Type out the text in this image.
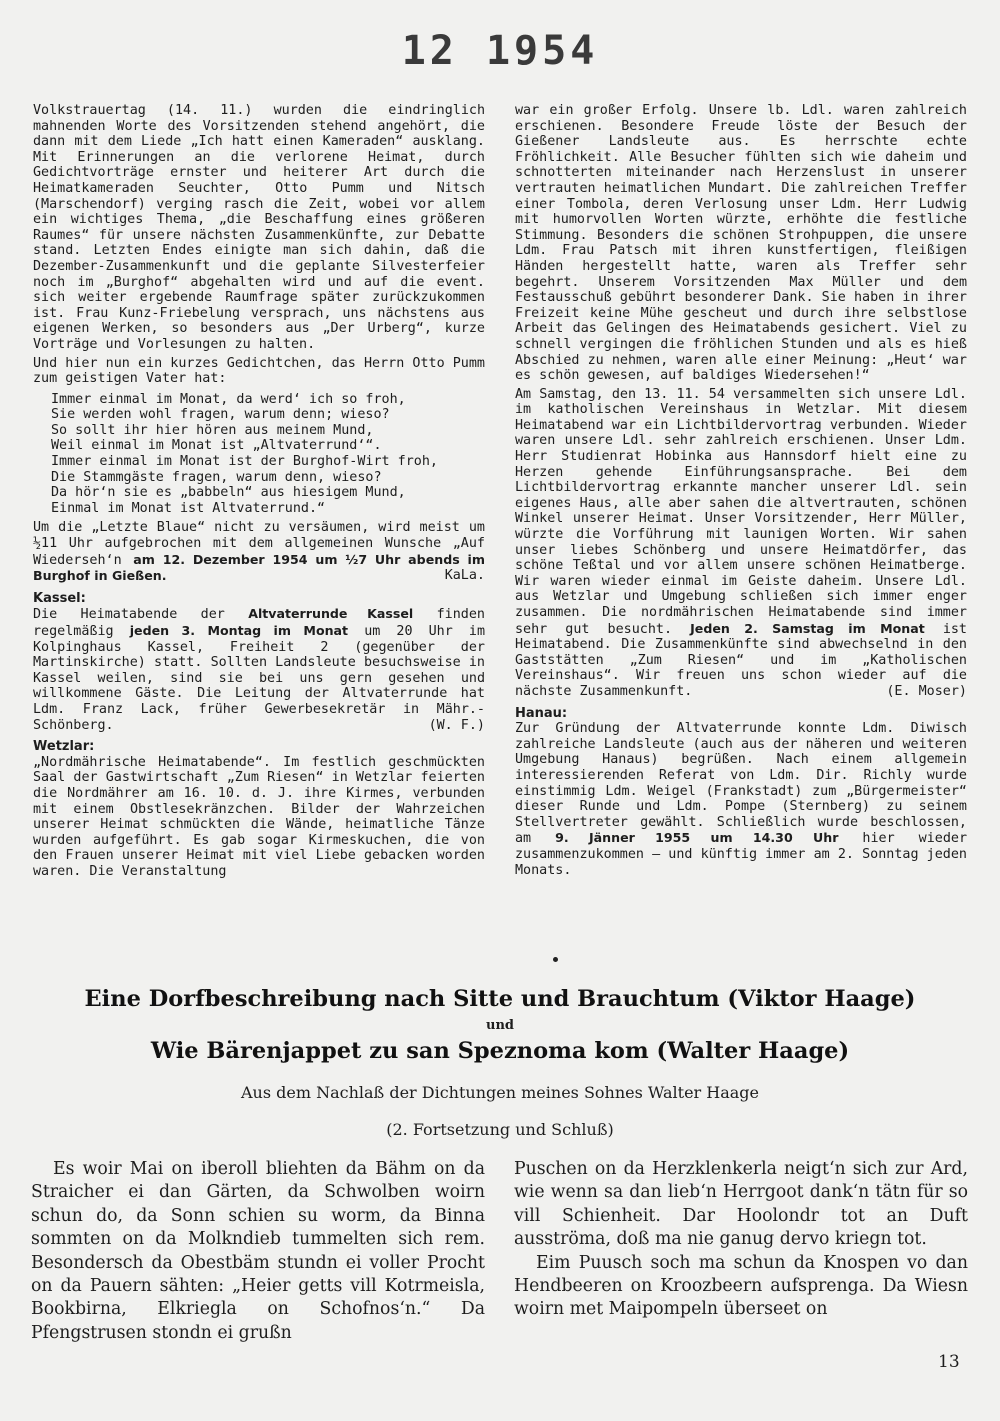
12 1954

Volkstrauertag (14. 11.) wurden die eindringlich mahnenden Worte des Vorsitzenden stehend angehört, die dann mit dem Liede „Ich hatt einen Kameraden“ ausklang. Mit Erinnerungen an die verlorene Heimat, durch Gedichtvorträge ernster und heiterer Art durch die Heimatkameraden Seuchter, Otto Pumm und Nitsch (Marschendorf) verging rasch die Zeit, wobei vor allem ein wichtiges Thema, „die Beschaffung eines größeren Raumes“ für unsere nächsten Zusammenkünfte, zur Debatte stand. Letzten Endes einigte man sich dahin, daß die Dezember-Zusammenkunft und die geplante Silvesterfeier noch im „Burghof“ abgehalten wird und auf die event. sich weiter ergebende Raumfrage später zurückzukommen ist. Frau Kunz-Friebelung versprach, uns nächstens aus eigenen Werken, so besonders aus „Der Urberg“, kurze Vorträge und Vorlesungen zu halten.

Und hier nun ein kurzes Gedichtchen, das Herrn Otto Pumm zum geistigen Vater hat:

Immer einmal im Monat, da werd‘ ich so froh,
Sie werden wohl fragen, warum denn; wieso?
So sollt ihr hier hören aus meinem Mund,
Weil einmal im Monat ist „Altvaterrund‘“.
Immer einmal im Monat ist der Burghof-Wirt froh,
Die Stammgäste fragen, warum denn, wieso?
Da hör‘n sie es „babbeln“ aus hiesigem Mund,
Einmal im Monat ist Altvaterrund.“

Um die „Letzte Blaue“ nicht zu versäumen, wird meist um ½11 Uhr aufgebrochen mit dem allgemeinen Wunsche „Auf Wiederseh‘n am 12. Dezember 1954 um ½7 Uhr abends im Burghof in Gießen.	KaLa.

Kassel:

Die Heimatabende der Altvaterrunde Kassel finden regelmäßig jeden 3. Montag im Monat um 20 Uhr im Kolpinghaus Kassel, Freiheit 2 (gegenüber der Martinskirche) statt. Sollten Landsleute besuchsweise in Kassel weilen, sind sie bei uns gern gesehen und willkommene Gäste. Die Leitung der Altvaterrunde hat Ldm. Franz Lack, früher Gewerbesekretär in Mähr.-Schönberg.	(W. F.)

Wetzlar:

„Nordmährische Heimatabende“. Im festlich geschmückten Saal der Gastwirtschaft „Zum Riesen“ in Wetzlar feierten die Nordmährer am 16. 10. d. J. ihre Kirmes, verbunden mit einem Obstlesekränzchen. Bilder der Wahrzeichen unserer Heimat schmückten die Wände, heimatliche Tänze wurden aufgeführt. Es gab sogar Kirmeskuchen, die von den Frauen unserer Heimat mit viel Liebe gebacken worden waren. Die Veranstaltung

war ein großer Erfolg. Unsere lb. Ldl. waren zahlreich erschienen. Besondere Freude löste der Besuch der Gießener Landsleute aus. Es herrschte echte Fröhlichkeit. Alle Besucher fühlten sich wie daheim und schnotterten miteinander nach Herzenslust in unserer vertrauten heimatlichen Mundart. Die zahlreichen Treffer einer Tombola, deren Verlosung unser Ldm. Herr Ludwig mit humorvollen Worten würzte, erhöhte die festliche Stimmung. Besonders die schönen Strohpuppen, die unsere Ldm. Frau Patsch mit ihren kunstfertigen, fleißigen Händen hergestellt hatte, waren als Treffer sehr begehrt. Unserem Vorsitzenden Max Müller und dem Festausschuß gebührt besonderer Dank. Sie haben in ihrer Freizeit keine Mühe gescheut und durch ihre selbstlose Arbeit das Gelingen des Heimatabends gesichert. Viel zu schnell vergingen die fröhlichen Stunden und als es hieß Abschied zu nehmen, waren alle einer Meinung: „Heut‘ war es schön gewesen, auf baldiges Wiedersehen!“

Am Samstag, den 13. 11. 54 versammelten sich unsere Ldl. im katholischen Vereinshaus in Wetzlar. Mit diesem Heimatabend war ein Lichtbildervortrag verbunden. Wieder waren unsere Ldl. sehr zahlreich erschienen. Unser Ldm. Herr Studienrat Hobinka aus Hannsdorf hielt eine zu Herzen gehende Einführungsansprache. Bei dem Lichtbildervortrag erkannte mancher unserer Ldl. sein eigenes Haus, alle aber sahen die altvertrauten, schönen Winkel unserer Heimat. Unser Vorsitzender, Herr Müller, würzte die Vorführung mit launigen Worten. Wir sahen unser liebes Schönberg und unsere Heimatdörfer, das schöne Teßtal und vor allem unsere schönen Heimatberge. Wir waren wieder einmal im Geiste daheim. Unsere Ldl. aus Wetzlar und Umgebung schließen sich immer enger zusammen. Die nordmährischen Heimatabende sind immer sehr gut besucht. Jeden 2. Samstag im Monat ist Heimatabend. Die Zusammenkünfte sind abwechselnd in den Gaststätten „Zum Riesen“ und im „Katholischen Vereinshaus“. Wir freuen uns schon wieder auf die nächste Zusammenkunft.	(E. Moser)

Hanau:

Zur Gründung der Altvaterrunde konnte Ldm. Diwisch zahlreiche Landsleute (auch aus der näheren und weiteren Umgebung Hanaus) begrüßen. Nach einem allgemein interessierenden Referat von Ldm. Dir. Richly wurde einstimmig Ldm. Weigel (Frankstadt) zum „Bürgermeister“ dieser Runde und Ldm. Pompe (Sternberg) zu seinem Stellvertreter gewählt. Schließlich wurde beschlossen, am 9. Jänner 1955 um 14.30 Uhr hier wieder zusammenzukommen – und künftig immer am 2. Sonntag jeden Monats.

Eine Dorfbeschreibung nach Sitte und Brauchtum (Viktor Haage)
und
Wie Bärenjappet zu san Speznoma kom (Walter Haage)
Aus dem Nachlaß der Dichtungen meines Sohnes Walter Haage
(2. Fortsetzung und Schluß)

Es woir Mai on iberoll bliehten da Bähm on da Straicher ei dan Gärten, da Schwolben woirn schun do, da Sonn schien su worm, da Binna sommten on da Molkndieb tummelten sich rem. Besondersch da Obestbäm stundn ei voller Procht on da Pauern sähten: „Heier getts vill Kotrmeisla, Bookbirna, Elkriegla on Schofnos‘n.“ Da Pfengstrusen stondn ei grußn

Puschen on da Herzklenkerla neigt‘n sich zur Ard, wie wenn sa dan lieb‘n Herrgoot dank‘n tätn für so vill Schienheit. Dar Hoolondr tot an Duft ausströma, doß ma nie ganug dervo kriegn tot.

Eim Puusch soch ma schun da Knospen vo dan Hendbeeren on Kroozbeern aufsprenga. Da Wiesn woirn met Maipompeln überseet on

13
